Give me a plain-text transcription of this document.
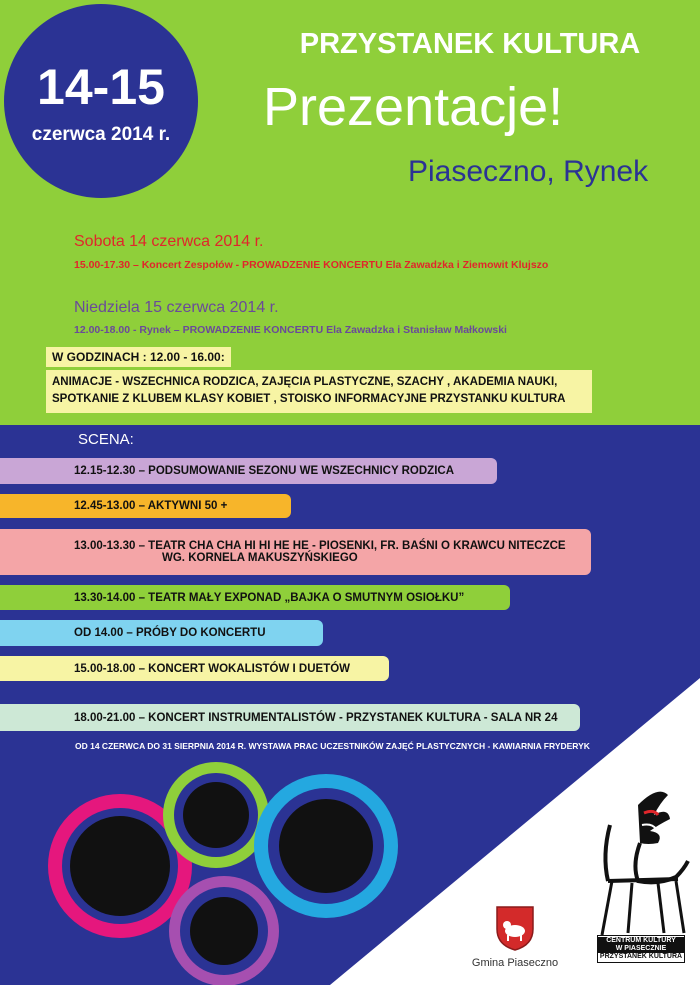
14-15
czerwca 2014 r.
PRZYSTANEK KULTURA
Prezentacje!
Piaseczno, Rynek
Sobota 14 czerwca 2014 r.
15.00-17.30 – Koncert Zespołów - PROWADZENIE KONCERTU Ela Zawadzka i Ziemowit Klujszo
Niedziela 15 czerwca 2014 r.
12.00-18.00 - Rynek – PROWADZENIE KONCERTU Ela Zawadzka i Stanisław Małkowski
W GODZINACH : 12.00 - 16.00:
ANIMACJE - WSZECHNICA RODZICA, ZAJĘCIA PLASTYCZNE, SZACHY , AKADEMIA NAUKI,
SPOTKANIE Z KLUBEM KLASY KOBIET , STOISKO INFORMACYJNE PRZYSTANKU KULTURA
SCENA:
12.15-12.30 – PODSUMOWANIE SEZONU WE WSZECHNICY RODZICA
12.45-13.00 – AKTYWNI 50 +
13.00-13.30 – TEATR CHA CHA HI HI HE HE - PIOSENKI, FR. BAŚNI O KRAWCU NITECZCE
WG. KORNELA MAKUSZYŃSKIEGO
13.30-14.00 – TEATR MAŁY EXPONAD „BAJKA O SMUTNYM OSIOŁKU”
OD 14.00 – PRÓBY DO KONCERTU
15.00-18.00 – KONCERT WOKALISTÓW I DUETÓW
18.00-21.00 – KONCERT INSTRUMENTALISTÓW - PRZYSTANEK KULTURA - SALA NR 24
OD 14 CZERWCA DO 31 SIERPNIA 2014 R. WYSTAWA PRAC UCZESTNIKÓW ZAJĘĆ PLASTYCZNYCH - KAWIARNIA FRYDERYK
Gmina Piaseczno
CENTRUM KULTURY
W PIASECZNIE
PRZYSTANEK KULTURA
